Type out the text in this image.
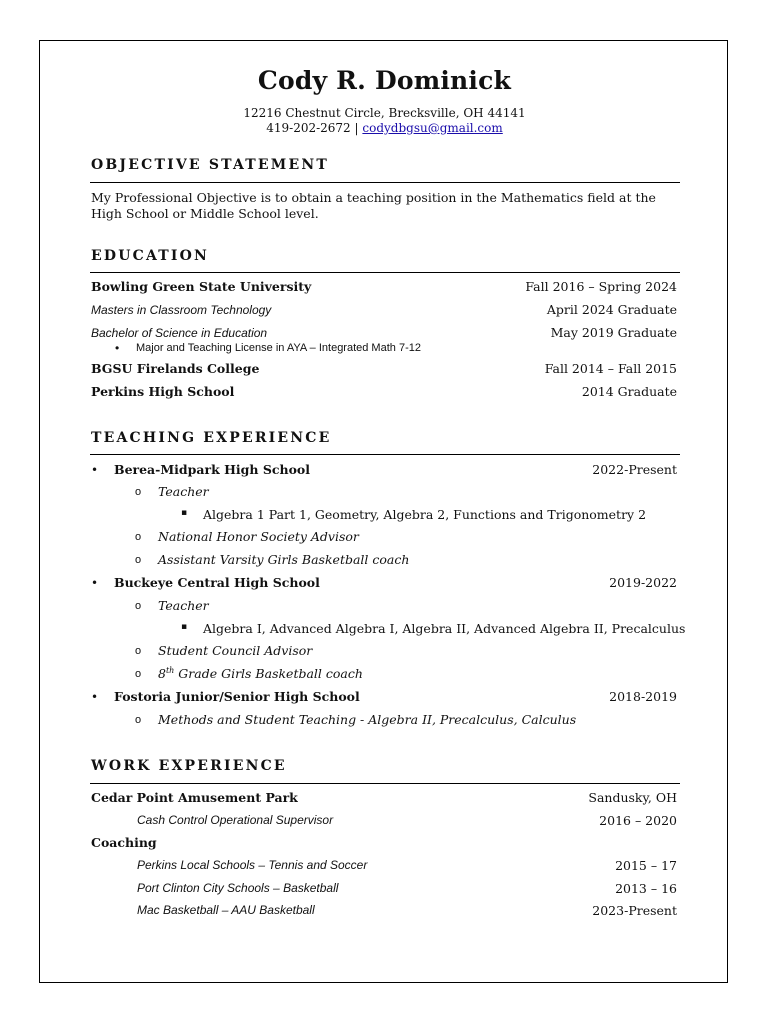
Cody R. Dominick
12216 Chestnut Circle, Brecksville, OH 44141
419-202-2672 | codydbgsu@gmail.com
OBJECTIVE STATEMENT
My Professional Objective is to obtain a teaching position in the Mathematics field at the High School or Middle School level.
EDUCATION
Bowling Green State University	Fall 2016 – Spring 2024
Masters in Classroom Technology	April 2024 Graduate
Bachelor of Science in Education	May 2019 Graduate
• Major and Teaching License in AYA – Integrated Math 7-12
BGSU Firelands College	Fall 2014 – Fall 2015
Perkins High School	2014 Graduate
TEACHING EXPERIENCE
• Berea-Midpark High School	2022-Present
o Teacher
▪ Algebra 1 Part 1, Geometry, Algebra 2, Functions and Trigonometry 2
o National Honor Society Advisor
o Assistant Varsity Girls Basketball coach
• Buckeye Central High School	2019-2022
o Teacher
▪ Algebra I, Advanced Algebra I, Algebra II, Advanced Algebra II, Precalculus
o Student Council Advisor
o 8th Grade Girls Basketball coach
• Fostoria Junior/Senior High School	2018-2019
o Methods and Student Teaching - Algebra II, Precalculus, Calculus
WORK EXPERIENCE
Cedar Point Amusement Park	Sandusky, OH
Cash Control Operational Supervisor	2016 – 2020
Coaching
Perkins Local Schools – Tennis and Soccer	2015 – 17
Port Clinton City Schools – Basketball	2013 – 16
Mac Basketball – AAU Basketball	2023-Present
